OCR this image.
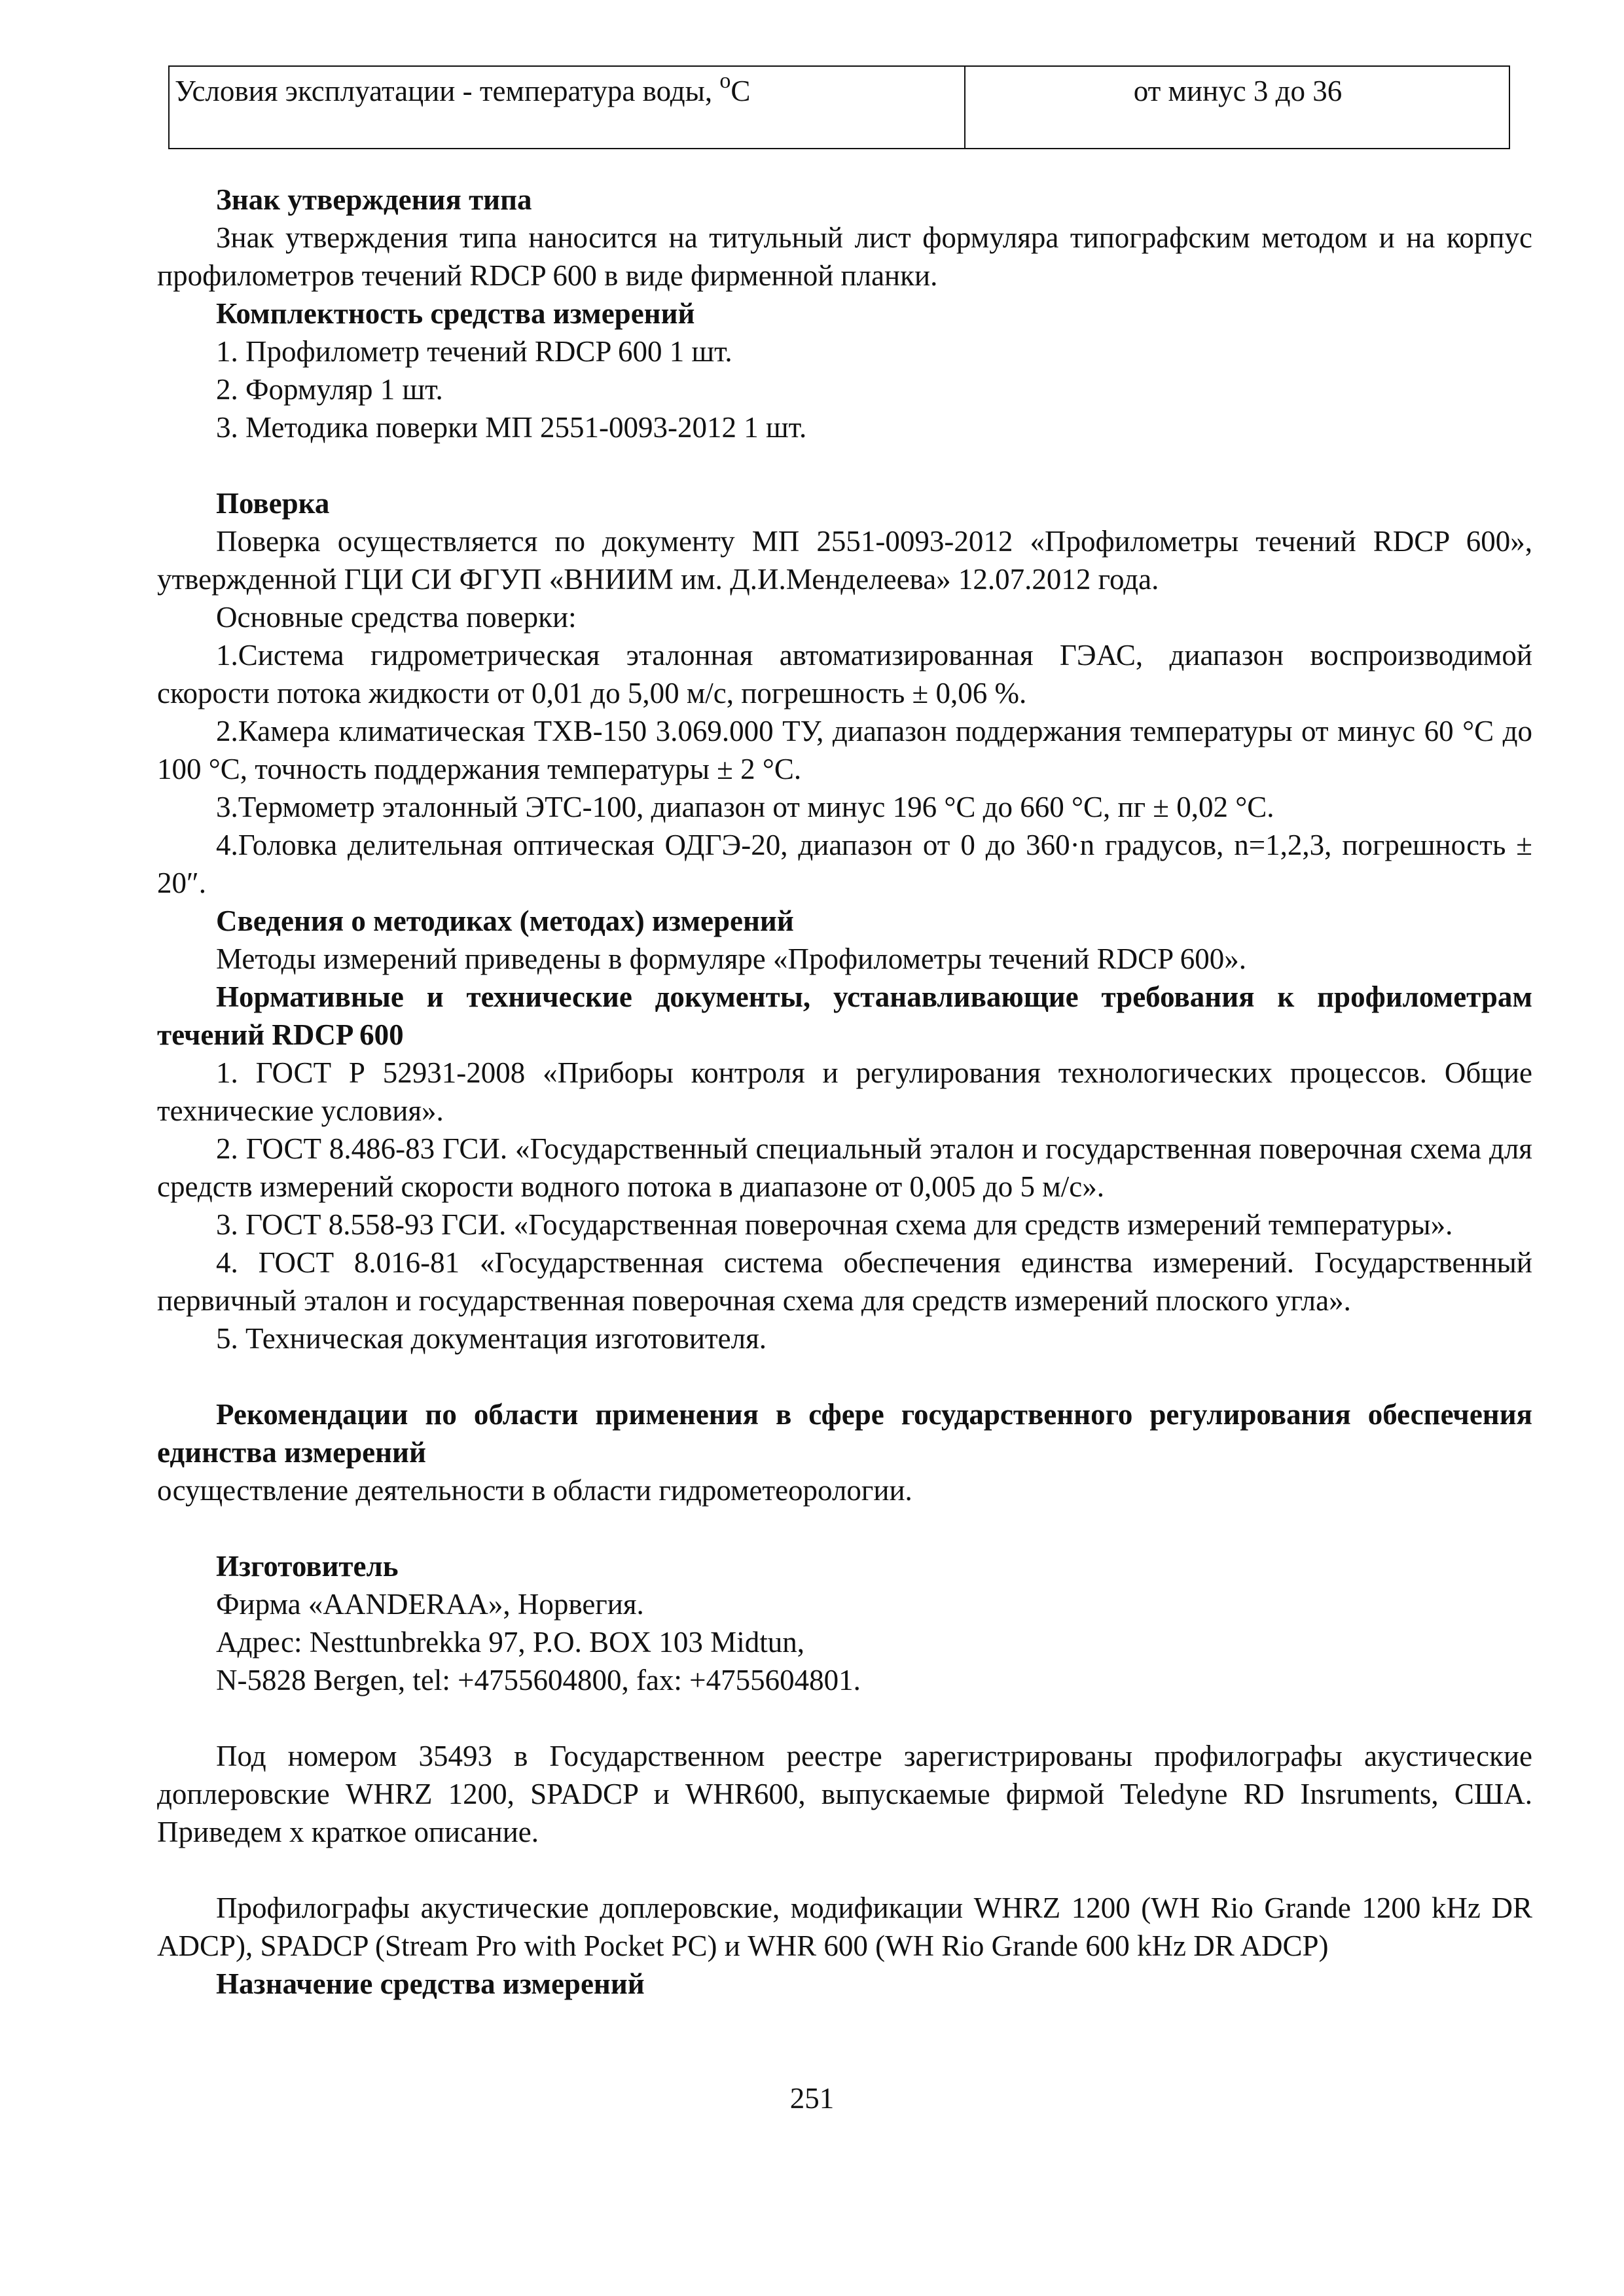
Условия эксплуатации - температура воды, $^о$С	от минус 3 до 36

Знак утверждения типа

Знак утверждения типа наносится на титульный лист формуляра типографским методом и на корпус профилометров течений RDCP 600 в виде фирменной планки.

Комплектность средства измерений

1. Профилометр течений RDCP 600 1 шт.

2. Формуляр 1 шт.

3. Методика поверки МП 2551-0093-2012 1 шт.

Поверка

Поверка осуществляется по документу МП 2551-0093-2012 «Профилометры течений RDCP 600», утвержденной ГЦИ СИ ФГУП «ВНИИМ им. Д.И.Менделеева» 12.07.2012 года.

Основные средства поверки:

1.Система гидрометрическая эталонная автоматизированная ГЭАС, диапазон воспроизводимой скорости потока жидкости от 0,01 до 5,00 м/с, погрешность ± 0,06 %.

2.Камера климатическая ТХВ-150 3.069.000 ТУ, диапазон поддержания температуры от минус 60 °С до 100 °С, точность поддержания температуры ± 2 °С.

3.Термометр эталонный ЭТС-100, диапазон от минус 196 °С до 660 °С, пг ± 0,02 °С.

4.Головка делительная оптическая ОДГЭ-20, диапазон от 0 до 360·n градусов, n=1,2,3, погрешность ± 20″.

Сведения о методиках (методах) измерений

Методы измерений приведены в формуляре «Профилометры течений RDCP 600».

Нормативные и технические документы, устанавливающие требования к профилометрам течений RDCP 600

1. ГОСТ Р 52931-2008 «Приборы контроля и регулирования технологических процессов. Общие технические условия».

2. ГОСТ 8.486-83 ГСИ. «Государственный специальный эталон и государственная поверочная схема для средств измерений скорости водного потока в диапазоне от 0,005 до 5 м/с».

3. ГОСТ 8.558-93 ГСИ. «Государственная поверочная схема для средств измерений температуры».

4. ГОСТ 8.016-81 «Государственная система обеспечения единства измерений. Государственный первичный эталон и государственная поверочная схема для средств измерений плоского угла».

5. Техническая документация изготовителя.

Рекомендации по области применения в сфере государственного регулирования обеспечения единства измерений

осуществление деятельности в области гидрометеорологии.

Изготовитель

Фирма «AANDERAA», Норвегия.

Адрес: Nesttunbrekka 97, P.O. BOX 103 Midtun,

N-5828 Bergen, tel: +4755604800, fax: +4755604801.

Под номером 35493 в Государственном реестре зарегистрированы профилографы акустические доплеровские WHRZ 1200, SPADCP и WHR600, выпускаемые фирмой Teledyne RD Insruments, США. Приведем х краткое описание.

Профилографы акустические доплеровские, модификации WHRZ 1200 (WH Rio Grande 1200 kHz DR ADCP), SPADCP (Stream Pro with Pocket PC) и WHR 600 (WH Rio Grande 600 kHz DR ADCP)

Назначение средства измерений

251
